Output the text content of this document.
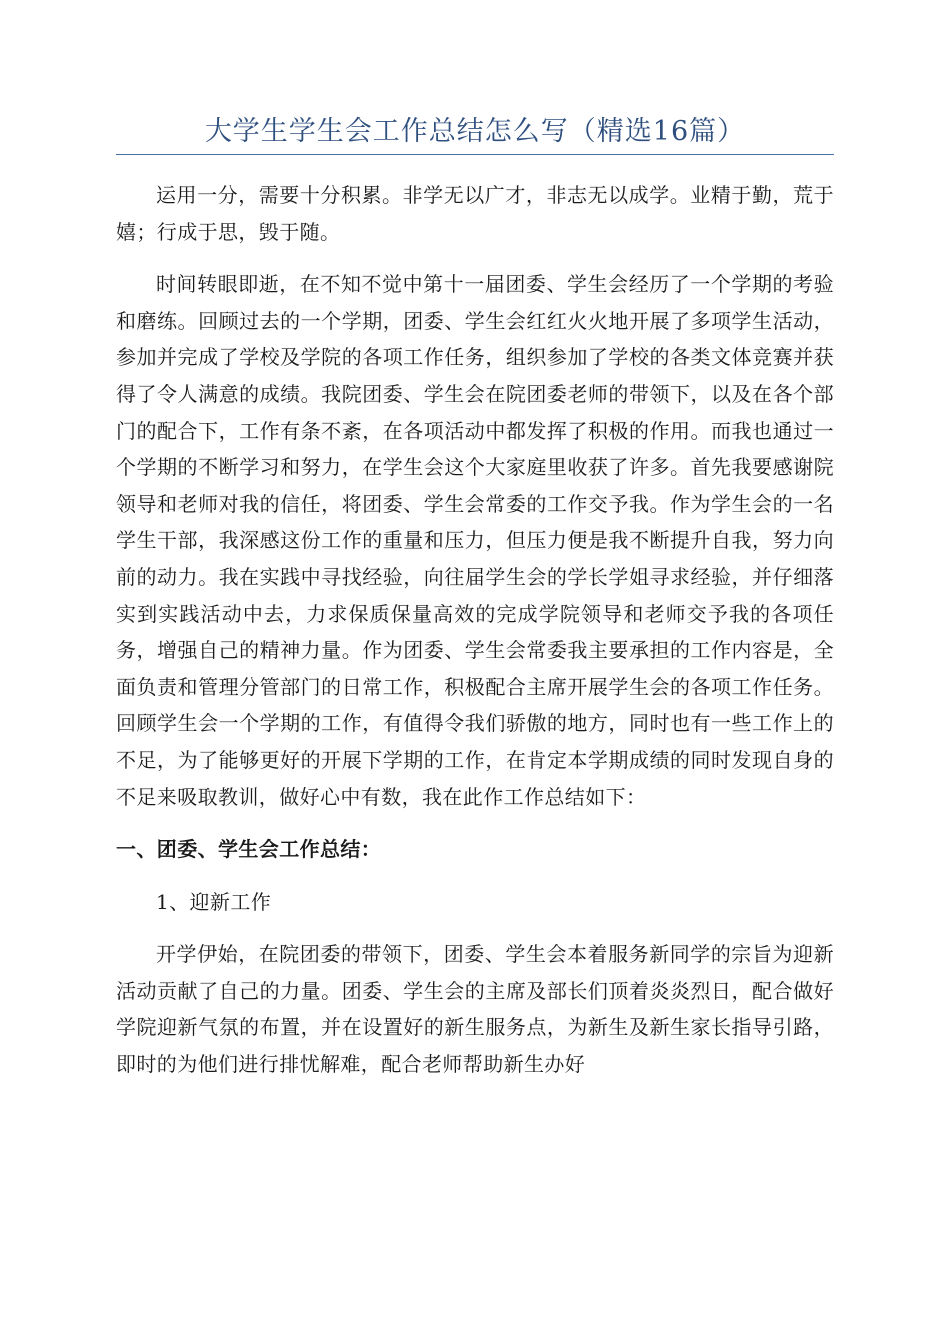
大学生学生会工作总结怎么写（精选16篇）

运用一分，需要十分积累。非学无以广才，非志无以成学。业精于勤，荒于嬉；行成于思，毁于随。

时间转眼即逝，在不知不觉中第十一届团委、学生会经历了一个学期的考验和磨练。回顾过去的一个学期，团委、学生会红红火火地开展了多项学生活动，参加并完成了学校及学院的各项工作任务，组织参加了学校的各类文体竞赛并获得了令人满意的成绩。我院团委、学生会在院团委老师的带领下，以及在各个部门的配合下，工作有条不紊，在各项活动中都发挥了积极的作用。而我也通过一个学期的不断学习和努力，在学生会这个大家庭里收获了许多。首先我要感谢院领导和老师对我的信任，将团委、学生会常委的工作交予我。作为学生会的一名学生干部，我深感这份工作的重量和压力，但压力便是我不断提升自我，努力向前的动力。我在实践中寻找经验，向往届学生会的学长学姐寻求经验，并仔细落实到实践活动中去，力求保质保量高效的完成学院领导和老师交予我的各项任务，增强自己的精神力量。作为团委、学生会常委我主要承担的工作内容是，全面负责和管理分管部门的日常工作，积极配合主席开展学生会的各项工作任务。回顾学生会一个学期的工作，有值得令我们骄傲的地方，同时也有一些工作上的不足，为了能够更好的开展下学期的工作，在肯定本学期成绩的同时发现自身的不足来吸取教训，做好心中有数，我在此作工作总结如下：

一、团委、学生会工作总结：

1、迎新工作

开学伊始，在院团委的带领下，团委、学生会本着服务新同学的宗旨为迎新活动贡献了自己的力量。团委、学生会的主席及部长们顶着炎炎烈日，配合做好学院迎新气氛的布置，并在设置好的新生服务点，为新生及新生家长指导引路，即时的为他们进行排忧解难，配合老师帮助新生办好
